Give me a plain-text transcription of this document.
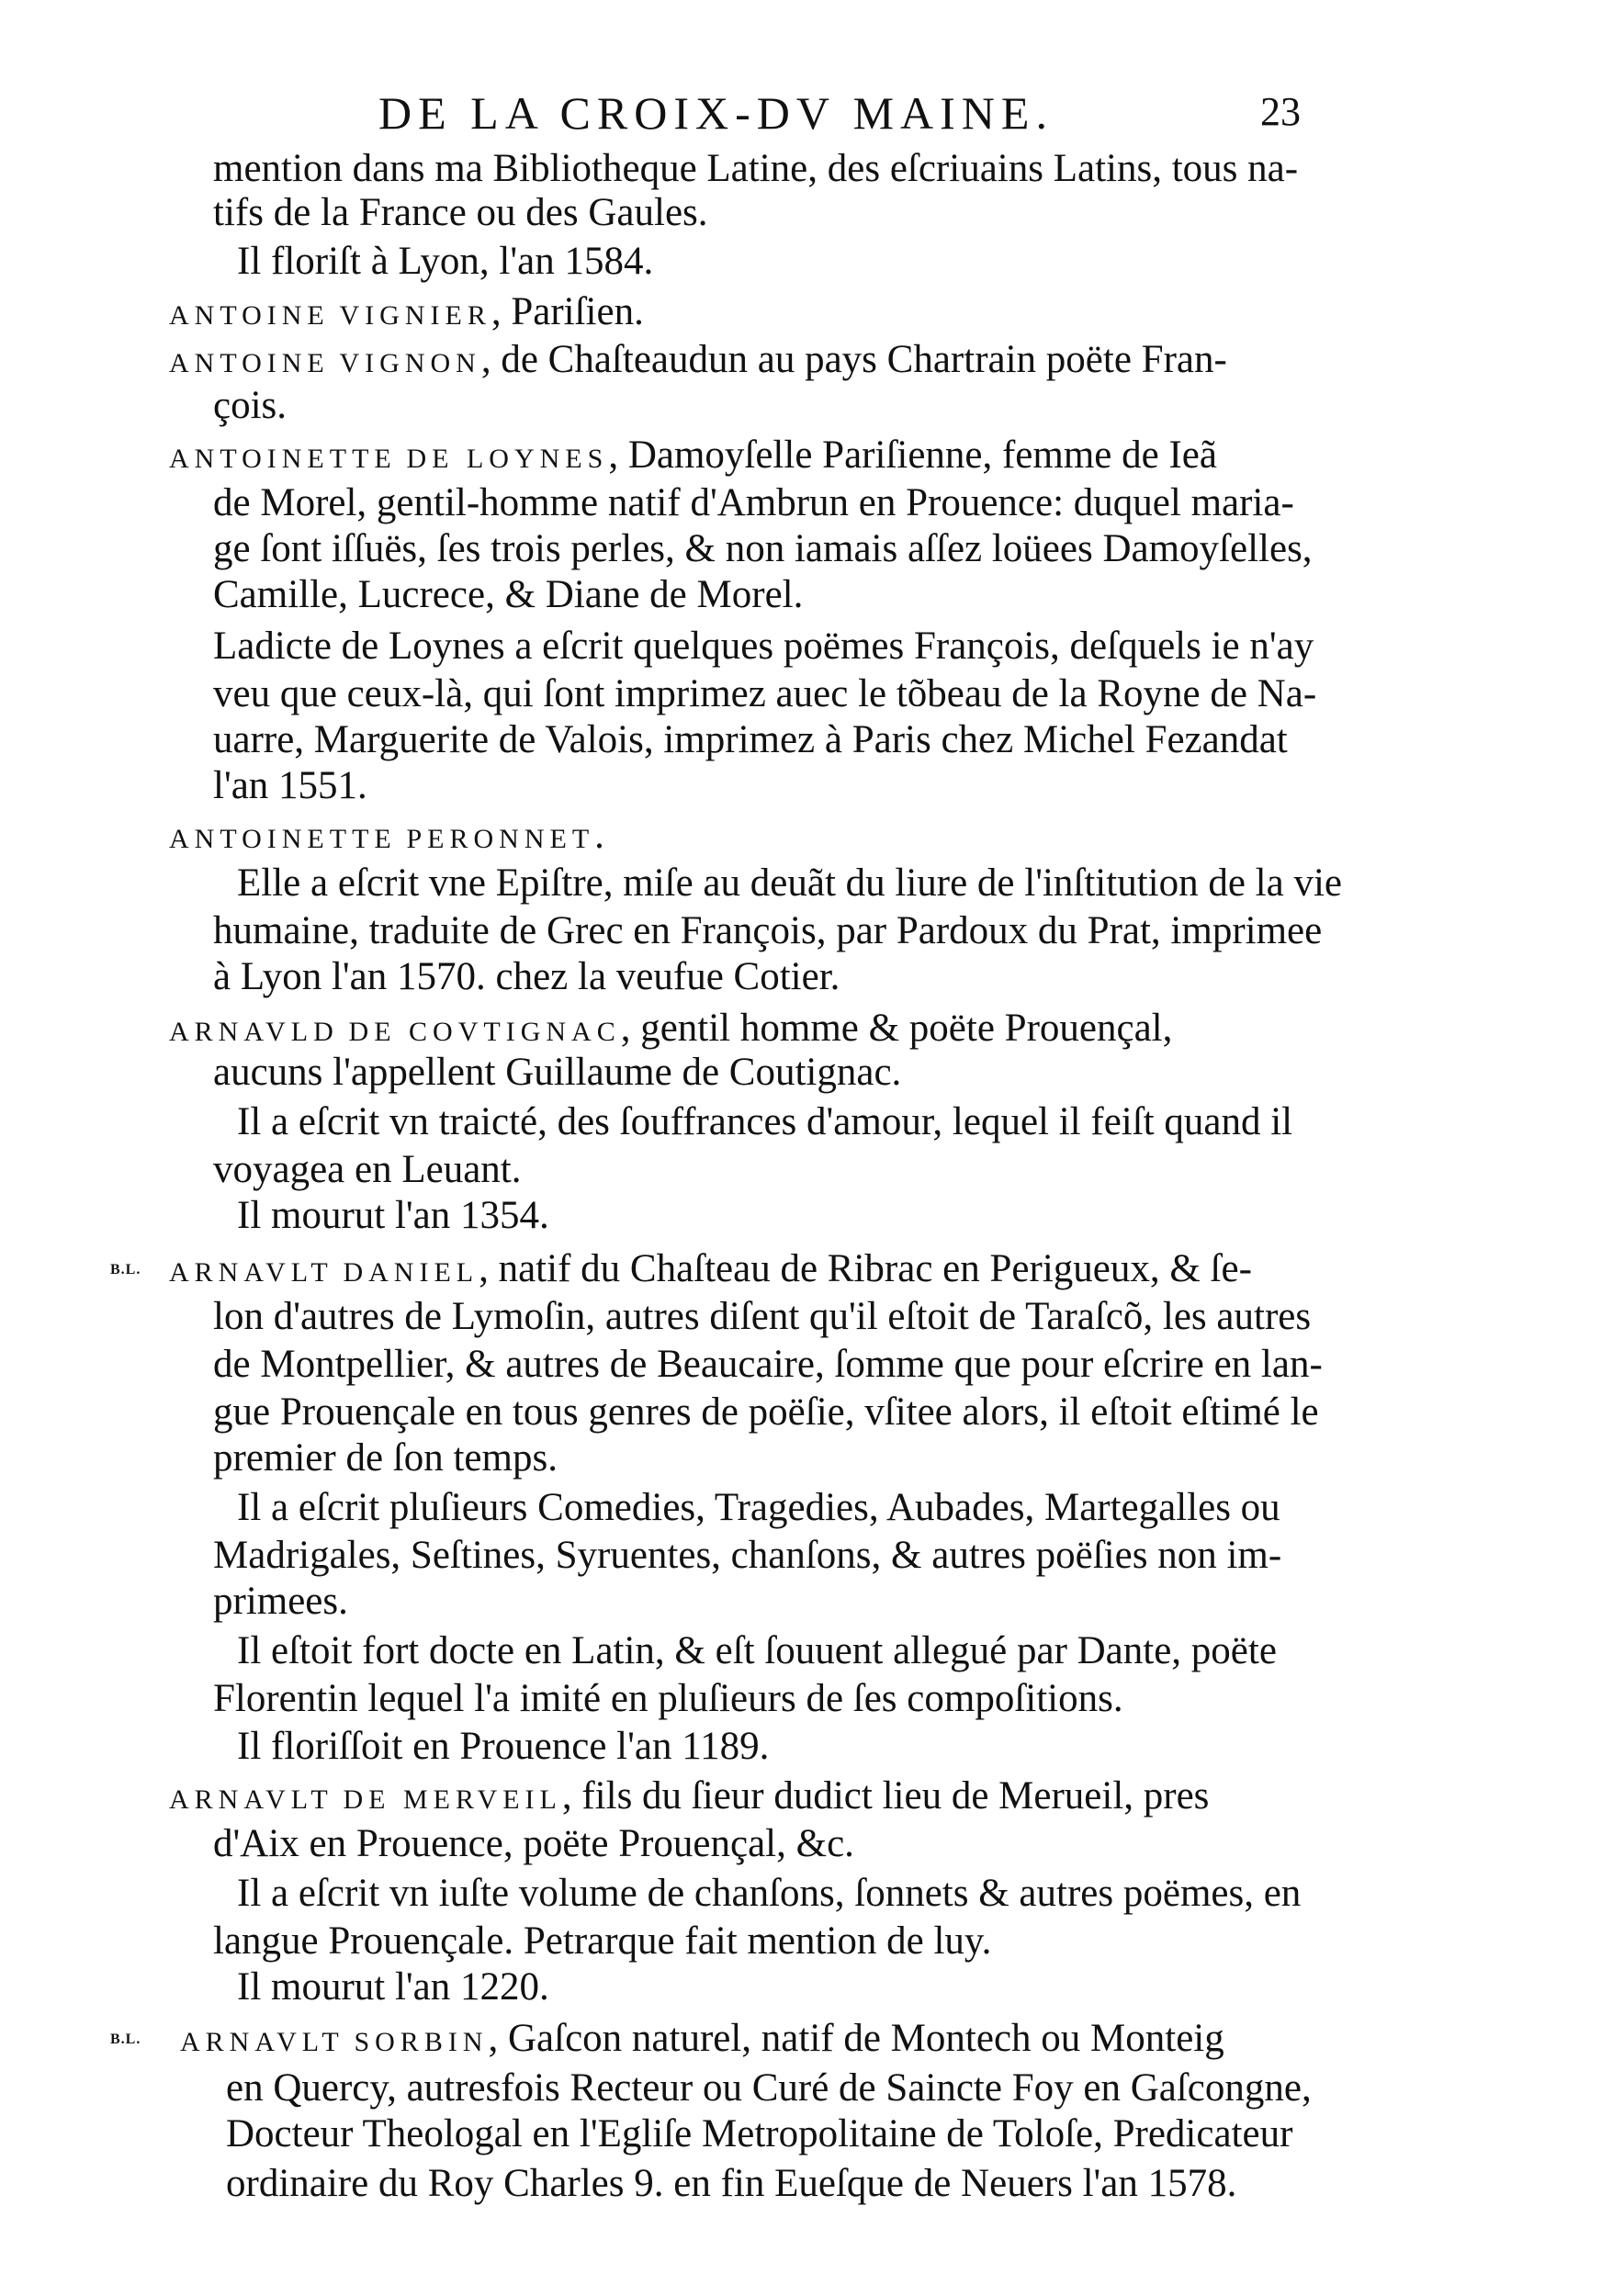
DE LA CROIX-DV MAINE.	23
mention dans ma Bibliotheque Latine, des eſcriuains Latins, tous na-
tifs de la France ou des Gaules.
Il floriſt à Lyon, l'an 1584.
ANTOINE VIGNIER, Pariſien.
ANTOINE VIGNON, de Chaſteaudun au pays Chartrain poëte Fran-
çois.
ANTOINETTE DE LOYNES, Damoyſelle Pariſienne, femme de Ieã
de Morel, gentil-homme natif d'Ambrun en Prouence: duquel maria-
ge ſont iſſuës, ſes trois perles, & non iamais aſſez loüees Damoyſelles,
Camille, Lucrece, & Diane de Morel.
Ladicte de Loynes a eſcrit quelques poëmes François, deſquels ie n'ay
veu que ceux-là, qui ſont imprimez auec le tõbeau de la Royne de Na-
uarre, Marguerite de Valois, imprimez à Paris chez Michel Fezandat
l'an 1551.
ANTOINETTE PERONNET.
Elle a eſcrit vne Epiſtre, miſe au deuãt du liure de l'inſtitution de la vie
humaine, traduite de Grec en François, par Pardoux du Prat, imprimee
à Lyon l'an 1570. chez la veufue Cotier.
ARNAVLD DE COVTIGNAC, gentil homme & poëte Prouençal,
aucuns l'appellent Guillaume de Coutignac.
Il a eſcrit vn traicté, des ſouffrances d'amour, lequel il feiſt quand il
voyagea en Leuant.
Il mourut l'an 1354.
B.L. ARNAVLT DANIEL, natif du Chaſteau de Ribrac en Perigueux, & ſe-
lon d'autres de Lymoſin, autres diſent qu'il eſtoit de Taraſcõ, les autres
de Montpellier, & autres de Beaucaire, ſomme que pour eſcrire en lan-
gue Prouençale en tous genres de poëſie, vſitee alors, il eſtoit eſtimé le
premier de ſon temps.
Il a eſcrit pluſieurs Comedies, Tragedies, Aubades, Martegalles ou
Madrigales, Seſtines, Syruentes, chanſons, & autres poëſies non im-
primees.
Il eſtoit fort docte en Latin, & eſt ſouuent allegué par Dante, poëte
Florentin lequel l'a imité en pluſieurs de ſes compoſitions.
Il floriſſoit en Prouence l'an 1189.
ARNAVLT DE MERVEIL, fils du ſieur dudict lieu de Merueil, pres
d'Aix en Prouence, poëte Prouençal, &c.
Il a eſcrit vn iuſte volume de chanſons, ſonnets & autres poëmes, en
langue Prouençale. Petrarque fait mention de luy.
Il mourut l'an 1220.
B.L. ARNAVLT SORBIN, Gaſcon naturel, natif de Montech ou Monteig
en Quercy, autresfois Recteur ou Curé de Saincte Foy en Gaſcongne,
Docteur Theologal en l'Egliſe Metropolitaine de Toloſe, Predicateur
ordinaire du Roy Charles 9. en fin Eueſque de Neuers l'an 1578.
